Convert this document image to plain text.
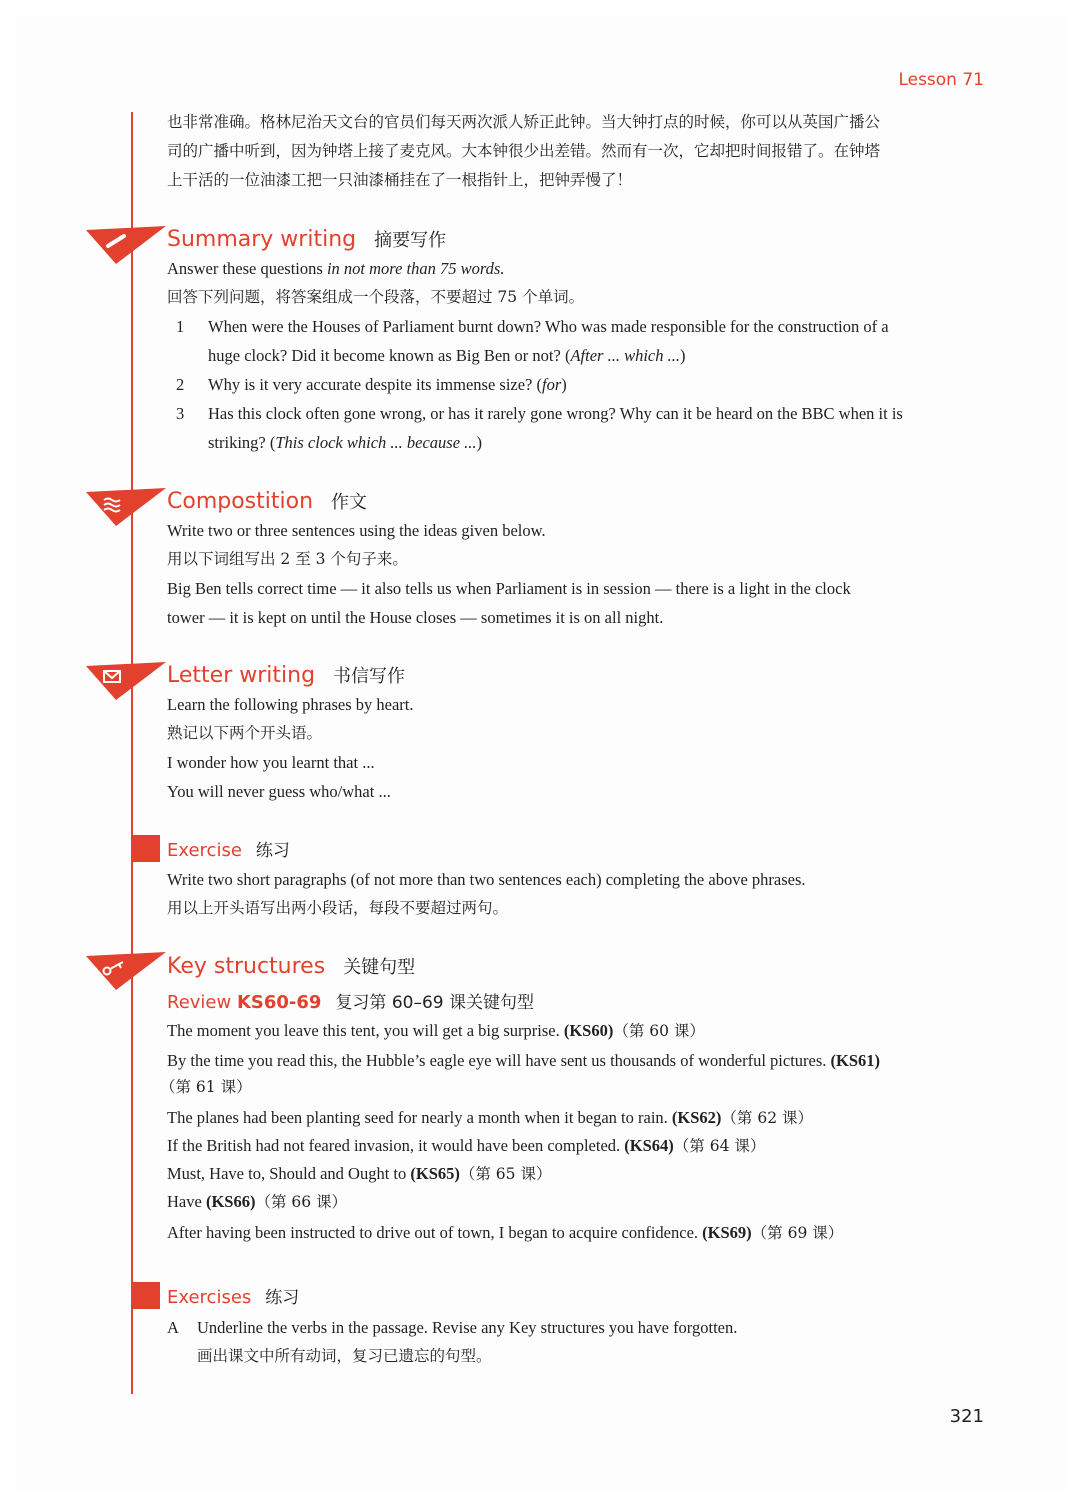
Lesson 71
也非常准确。格林尼治天文台的官员们每天两次派人矫正此钟。当大钟打点的时候，你可以从英国广播公
司的广播中听到，因为钟塔上接了麦克风。大本钟很少出差错。然而有一次，它却把时间报错了。在钟塔
上干活的一位油漆工把一只油漆桶挂在了一根指针上，把钟弄慢了！
Summary writing 摘要写作
Answer these questions in not more than 75 words.
回答下列问题，将答案组成一个段落，不要超过 75 个单词。
1 When were the Houses of Parliament burnt down? Who was made responsible for the construction of a
huge clock? Did it become known as Big Ben or not? (After ... which ...)
2 Why is it very accurate despite its immense size? (for)
3 Has this clock often gone wrong, or has it rarely gone wrong? Why can it be heard on the BBC when it is
striking? (This clock which ... because ...)
Compostition 作文
Write two or three sentences using the ideas given below.
用以下词组写出 2 至 3 个句子来。
Big Ben tells correct time — it also tells us when Parliament is in session — there is a light in the clock
tower — it is kept on until the House closes — sometimes it is on all night.
Letter writing 书信写作
Learn the following phrases by heart.
熟记以下两个开头语。
I wonder how you learnt that ...
You will never guess who/what ...
Exercise 练习
Write two short paragraphs (of not more than two sentences each) completing the above phrases.
用以上开头语写出两小段话，每段不要超过两句。
Key structures 关键句型
Review KS60-69 复习第 60–69 课关键句型
The moment you leave this tent, you will get a big surprise. (KS60)（第 60 课）
By the time you read this, the Hubble’s eagle eye will have sent us thousands of wonderful pictures. (KS61)
（第 61 课）
The planes had been planting seed for nearly a month when it began to rain. (KS62)（第 62 课）
If the British had not feared invasion, it would have been completed. (KS64)（第 64 课）
Must, Have to, Should and Ought to (KS65)（第 65 课）
Have (KS66)（第 66 课）
After having been instructed to drive out of town, I began to acquire confidence. (KS69)（第 69 课）
Exercises 练习
A Underline the verbs in the passage. Revise any Key structures you have forgotten.
画出课文中所有动词，复习已遗忘的句型。
321
